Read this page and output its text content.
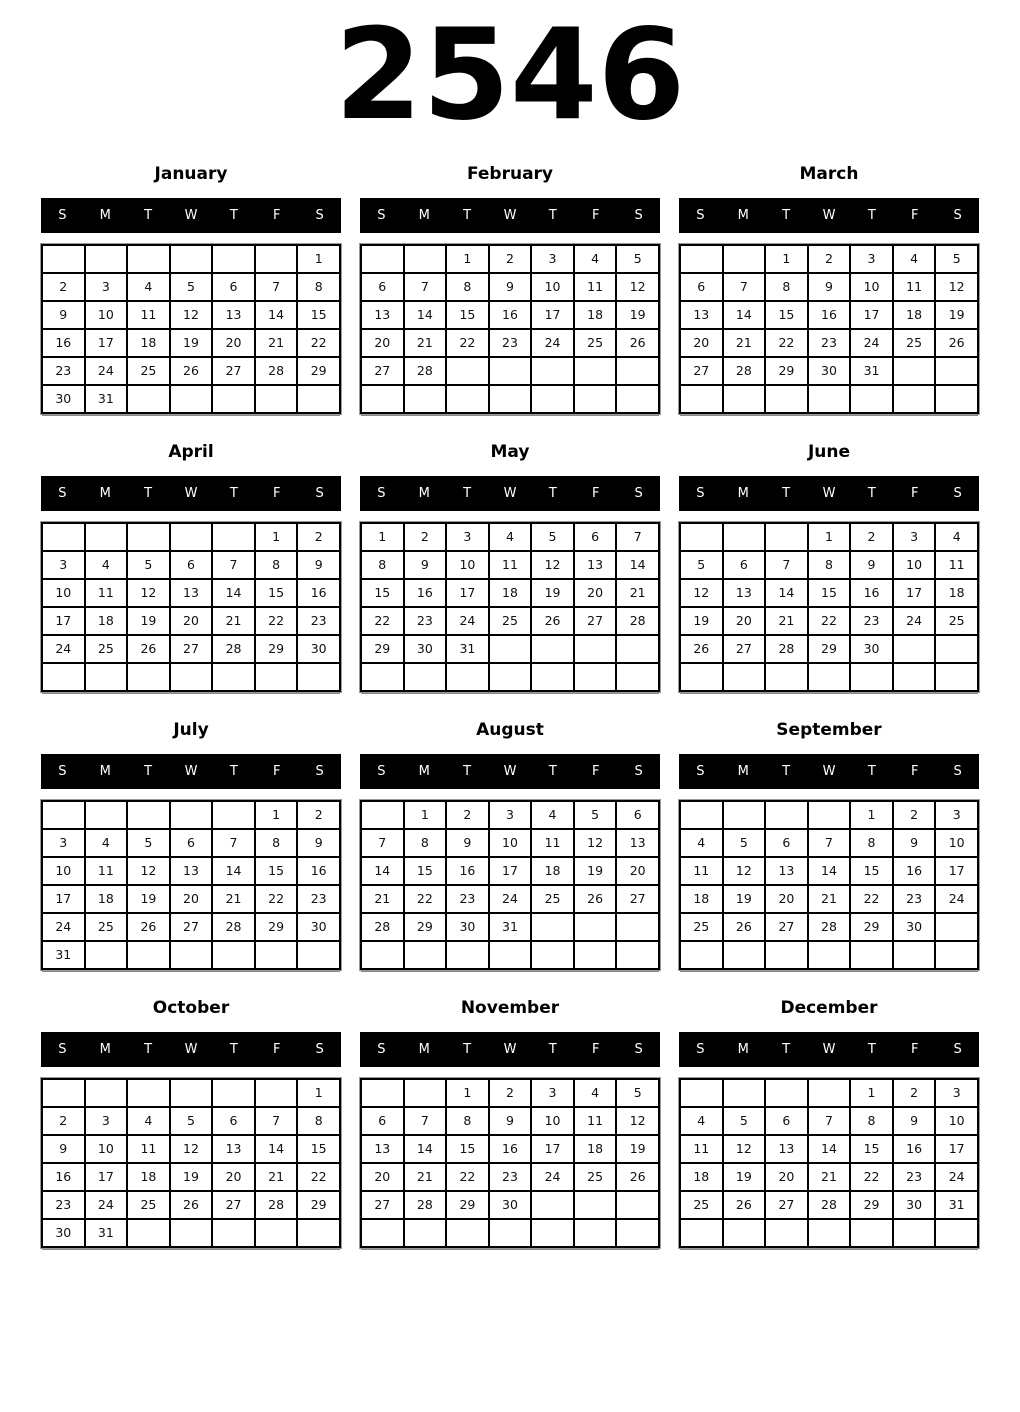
2546
January
S	M	T	W	T	F	S
						1
2	3	4	5	6	7	8
9	10	11	12	13	14	15
16	17	18	19	20	21	22
23	24	25	26	27	28	29
30	31					
February
S	M	T	W	T	F	S
		1	2	3	4	5
6	7	8	9	10	11	12
13	14	15	16	17	18	19
20	21	22	23	24	25	26
27	28					

March
S	M	T	W	T	F	S
		1	2	3	4	5
6	7	8	9	10	11	12
13	14	15	16	17	18	19
20	21	22	23	24	25	26
27	28	29	30	31		

April
S	M	T	W	T	F	S
					1	2
3	4	5	6	7	8	9
10	11	12	13	14	15	16
17	18	19	20	21	22	23
24	25	26	27	28	29	30

May
S	M	T	W	T	F	S
1	2	3	4	5	6	7
8	9	10	11	12	13	14
15	16	17	18	19	20	21
22	23	24	25	26	27	28
29	30	31				

June
S	M	T	W	T	F	S
			1	2	3	4
5	6	7	8	9	10	11
12	13	14	15	16	17	18
19	20	21	22	23	24	25
26	27	28	29	30		

July
S	M	T	W	T	F	S
					1	2
3	4	5	6	7	8	9
10	11	12	13	14	15	16
17	18	19	20	21	22	23
24	25	26	27	28	29	30
31						
August
S	M	T	W	T	F	S
	1	2	3	4	5	6
7	8	9	10	11	12	13
14	15	16	17	18	19	20
21	22	23	24	25	26	27
28	29	30	31			

September
S	M	T	W	T	F	S
				1	2	3
4	5	6	7	8	9	10
11	12	13	14	15	16	17
18	19	20	21	22	23	24
25	26	27	28	29	30	

October
S	M	T	W	T	F	S
						1
2	3	4	5	6	7	8
9	10	11	12	13	14	15
16	17	18	19	20	21	22
23	24	25	26	27	28	29
30	31					
November
S	M	T	W	T	F	S
		1	2	3	4	5
6	7	8	9	10	11	12
13	14	15	16	17	18	19
20	21	22	23	24	25	26
27	28	29	30			

December
S	M	T	W	T	F	S
				1	2	3
4	5	6	7	8	9	10
11	12	13	14	15	16	17
18	19	20	21	22	23	24
25	26	27	28	29	30	31
